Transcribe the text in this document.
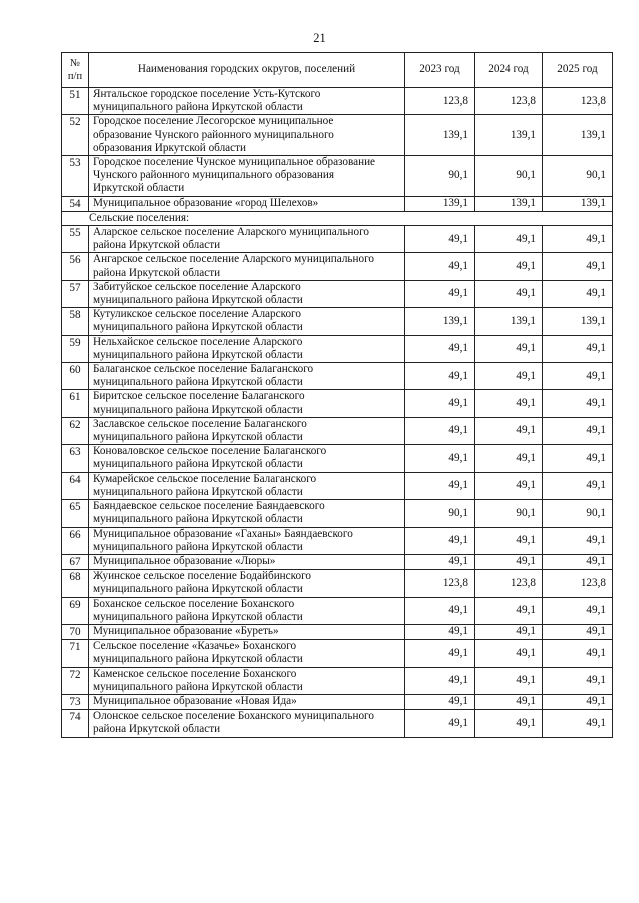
21
№
п/п	Наименования городских округов, поселений	2023 год	2024 год	2025 год
51	Янтальское городское поселение Усть-Кутского
муниципального района Иркутской области	123,8	123,8	123,8
52	Городское поселение Лесогорское муниципальное
образование Чунского районного муниципального
образования Иркутской области	139,1	139,1	139,1
53	Городское поселение Чунское муниципальное образование
Чунского районного муниципального образования
Иркутской области	90,1	90,1	90,1
54	Муниципальное образование «город Шелехов»	139,1	139,1	139,1
Сельские поселения:				
55	Аларское сельское поселение Аларского муниципального
района Иркутской области	49,1	49,1	49,1
56	Ангарское сельское поселение Аларского муниципального
района Иркутской области	49,1	49,1	49,1
57	Забитуйское сельское поселение Аларского
муниципального района Иркутской области	49,1	49,1	49,1
58	Кутуликское сельское поселение Аларского
муниципального района Иркутской области	139,1	139,1	139,1
59	Нельхайское сельское поселение Аларского
муниципального района Иркутской области	49,1	49,1	49,1
60	Балаганское сельское поселение Балаганского
муниципального района Иркутской области	49,1	49,1	49,1
61	Биритское сельское поселение Балаганского
муниципального района Иркутской области	49,1	49,1	49,1
62	Заславское сельское поселение Балаганского
муниципального района Иркутской области	49,1	49,1	49,1
63	Коноваловское сельское поселение Балаганского
муниципального района Иркутской области	49,1	49,1	49,1
64	Кумарейское сельское поселение Балаганского
муниципального района Иркутской области	49,1	49,1	49,1
65	Баяндаевское сельское поселение Баяндаевского
муниципального района Иркутской области	90,1	90,1	90,1
66	Муниципальное образование «Гаханы» Баяндаевского
муниципального района Иркутской области	49,1	49,1	49,1
67	Муниципальное образование «Люры»	49,1	49,1	49,1
68	Жуинское сельское поселение Бодайбинского
муниципального района Иркутской области	123,8	123,8	123,8
69	Боханское сельское поселение Боханского
муниципального района Иркутской области	49,1	49,1	49,1
70	Муниципальное образование «Буреть»	49,1	49,1	49,1
71	Сельское поселение «Казачье» Боханского
муниципального района Иркутской области	49,1	49,1	49,1
72	Каменское сельское поселение Боханского
муниципального района Иркутской области	49,1	49,1	49,1
73	Муниципальное образование «Новая Ида»	49,1	49,1	49,1
74	Олонское сельское поселение Боханского муниципального
района Иркутской области	49,1	49,1	49,1
